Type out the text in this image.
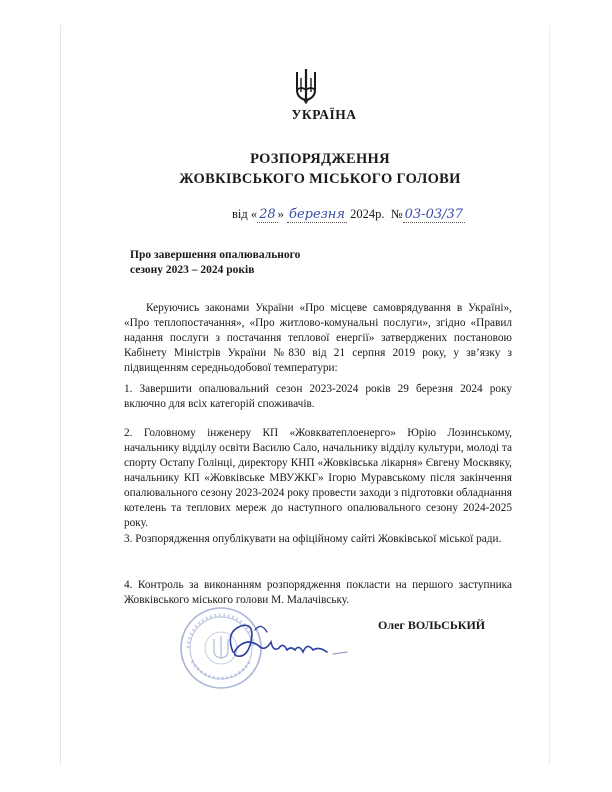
УКРАЇНА
РОЗПОРЯДЖЕННЯ
ЖОВКІВСЬКОГО МІСЬКОГО ГОЛОВИ
від « 28 » березня 2024р. № 03-03/37
Про завершення опалювального
сезону 2023 – 2024 років
Керуючись законами України «Про місцеве самоврядування в Україні», «Про теплопостачання», «Про житлово-комунальні послуги», згідно «Правил надання послуги з постачання теплової енергії» затверджених постановою Кабінету Міністрів України №830 від 21 серпня 2019 року, у зв’язку з підвищенням середньодобової температури:
1. Завершити опалювальний сезон 2023-2024 років 29 березня 2024 року включно для всіх категорій споживачів.
2. Головному інженеру КП «Жовкватеплоенерго» Юрію Лозинському, начальнику відділу освіти Василю Сало, начальнику відділу культури, молоді та спорту Остапу Голінці, директору КНП «Жовківська лікарня» Євгену Москвяку, начальнику КП «Жовківське МВУЖКГ» Ігорю Муравському після закінчення опалювального сезону 2023-2024 року провести заходи з підготовки обладнання котелень та теплових мереж до наступного опалювального сезону 2024-2025 року.
3. Розпорядження опублікувати на офіційному сайті Жовківської міської ради.
4. Контроль за виконанням розпорядження покласти на першого заступника Жовківського міського голови М. Малачівську.
Олег ВОЛЬСЬКИЙ
